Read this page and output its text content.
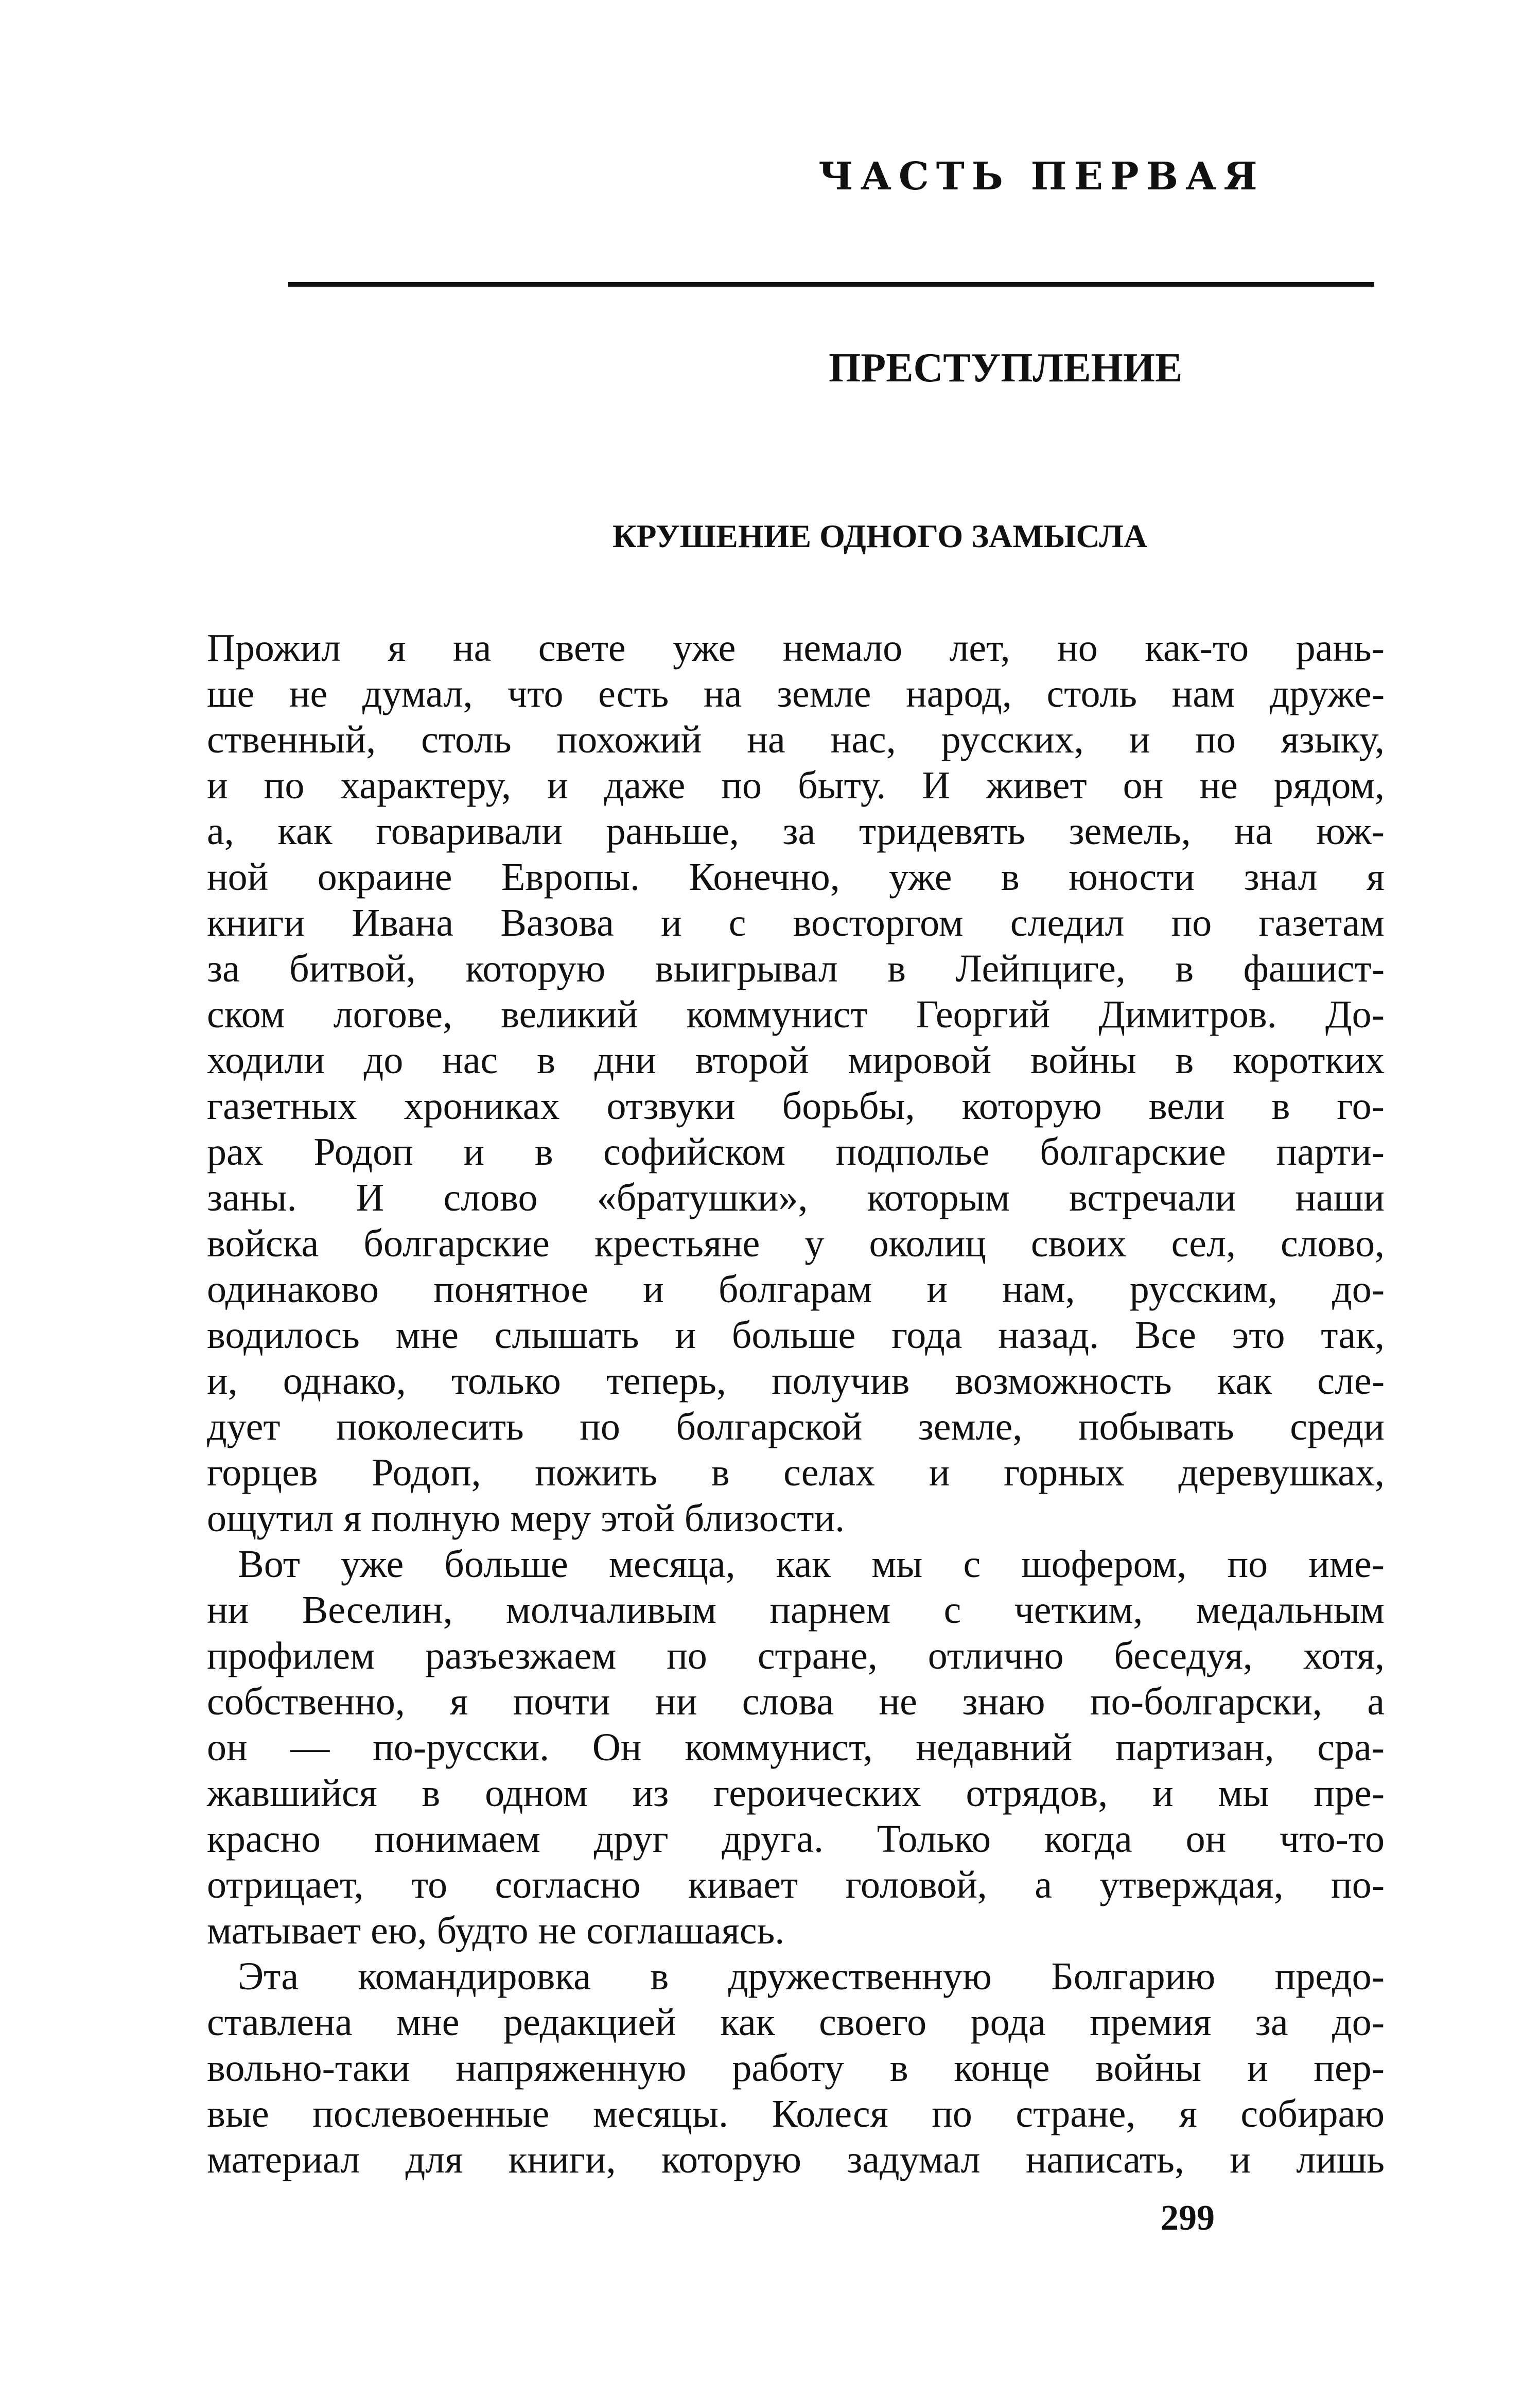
ЧАСТЬ ПЕРВАЯ
ПРЕСТУПЛЕНИЕ
КРУШЕНИЕ ОДНОГО ЗАМЫСЛА
Прожил я на свете уже немало лет, но как-то рань-
ше не думал, что есть на земле народ, столь нам друже-
ственный, столь похожий на нас, русских, и по языку,
и по характеру, и даже по быту. И живет он не рядом,
а, как говаривали раньше, за тридевять земель, на юж-
ной окраине Европы. Конечно, уже в юности знал я
книги Ивана Вазова и с восторгом следил по газетам
за битвой, которую выигрывал в Лейпциге, в фашист-
ском логове, великий коммунист Георгий Димитров. До-
ходили до нас в дни второй мировой войны в коротких
газетных хрониках отзвуки борьбы, которую вели в го-
рах Родоп и в софийском подполье болгарские парти-
заны. И слово «братушки», которым встречали наши
войска болгарские крестьяне у околиц своих сел, слово,
одинаково понятное и болгарам и нам, русским, до-
водилось мне слышать и больше года назад. Все это так,
и, однако, только теперь, получив возможность как сле-
дует поколесить по болгарской земле, побывать среди
горцев Родоп, пожить в селах и горных деревушках,
ощутил я полную меру этой близости.
Вот уже больше месяца, как мы с шофером, по име-
ни Веселин, молчаливым парнем с четким, медальным
профилем разъезжаем по стране, отлично беседуя, хотя,
собственно, я почти ни слова не знаю по-болгарски, а
он — по-русски. Он коммунист, недавний партизан, сра-
жавшийся в одном из героических отрядов, и мы пре-
красно понимаем друг друга. Только когда он что-то
отрицает, то согласно кивает головой, а утверждая, по-
матывает ею, будто не соглашаясь.
Эта командировка в дружественную Болгарию предо-
ставлена мне редакцией как своего рода премия за до-
вольно-таки напряженную работу в конце войны и пер-
вые послевоенные месяцы. Колеся по стране, я собираю
материал для книги, которую задумал написать, и лишь
299
